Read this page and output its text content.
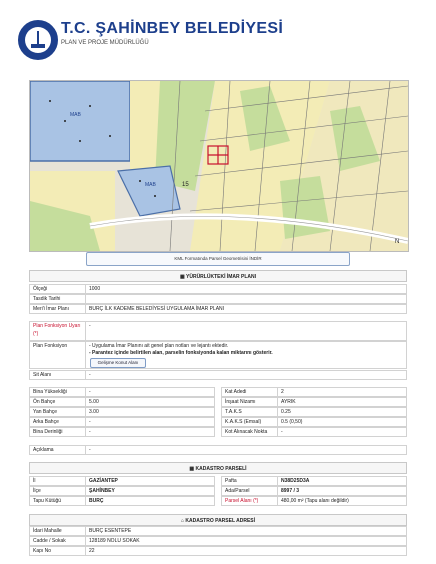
T.C. ŞAHİNBEY BELEDİYESİ
PLAN VE PROJE MÜDÜRLÜĞÜ
MAB
MAB	15
N
KML Formatında Parsel Geometrisini İNDİR
▦ YÜRÜRLÜKTEKİ İMAR PLANI
Ölçeği	1000
Tasdik Tarihi
Meri'i İmar Planı	BURÇ İLK KADEME BELEDİYESİ UYGULAMA İMAR PLANI
Plan Fonksiyon Uyarı (*)
-
Plan Fonksiyon	- Uygulama İmar Planını ait genel plan notları ve lejantı ektedir.
- Parantez içinde belirtilen alan, parselin fonksiyonda kalan miktarını gösterir.
Gelişme Konut Alanı
Sit Alanı	-
Bina Yüksekliği	-
Ön Bahçe	5.00
Yan Bahçe	3.00
Arka Bahçe	-
Bina Derinliği	-
Kat Adedi	2
İnşaat Nizamı	AYRIK
T.A.K.S	0.25
K.A.K.S (Emsal)	0.5 (0,50)
Kot Alınacak Nokta	-
Açıklama	-
▦ KADASTRO PARSELİ
İl	GAZİANTEP
İlçe	ŞAHİNBEY
Tapu Kütüğü	BURÇ
Pafta	N38D25D3A
Ada/Parsel	8997 / 3
Parsel Alanı (*)	480,00 m² (Tapu alanı değildir)
⌂ KADASTRO PARSEL ADRESİ
İdari Mahalle	BURÇ ESENTEPE
Cadde / Sokak	128189 NOLU SOKAK
Kapı No	22
